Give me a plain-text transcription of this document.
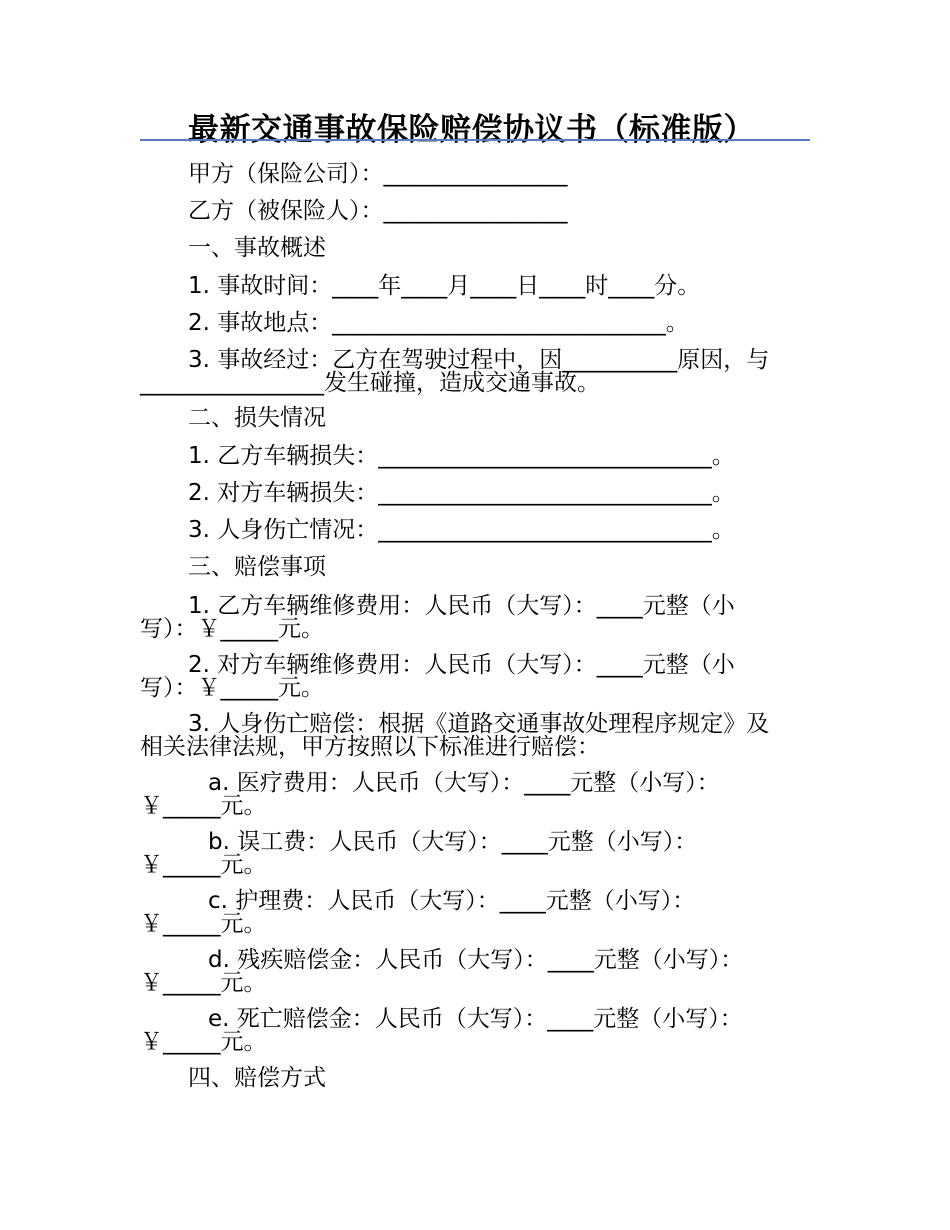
最新交通事故保险赔偿协议书（标准版）
甲方（保险公司）：________________
乙方（被保险人）：________________
一、事故概述
1. 事故时间：____年____月____日____时____分。
2. 事故地点：_____________________________。
3. 事故经过：乙方在驾驶过程中，因__________原因，与
________________发生碰撞，造成交通事故。
二、损失情况
1. 乙方车辆损失：_____________________________。
2. 对方车辆损失：_____________________________。
3. 人身伤亡情况：_____________________________。
三、赔偿事项
1. 乙方车辆维修费用：人民币（大写）：____元整（小
写）：￥_____元。
2. 对方车辆维修费用：人民币（大写）：____元整（小
写）：￥_____元。
3. 人身伤亡赔偿：根据《道路交通事故处理程序规定》及
相关法律法规，甲方按照以下标准进行赔偿：
a. 医疗费用：人民币（大写）：____元整（小写）：
￥_____元。
b. 误工费：人民币（大写）：____元整（小写）：
￥_____元。
c. 护理费：人民币（大写）：____元整（小写）：
￥_____元。
d. 残疾赔偿金：人民币（大写）：____元整（小写）：
￥_____元。
e. 死亡赔偿金：人民币（大写）：____元整（小写）：
￥_____元。
四、赔偿方式
